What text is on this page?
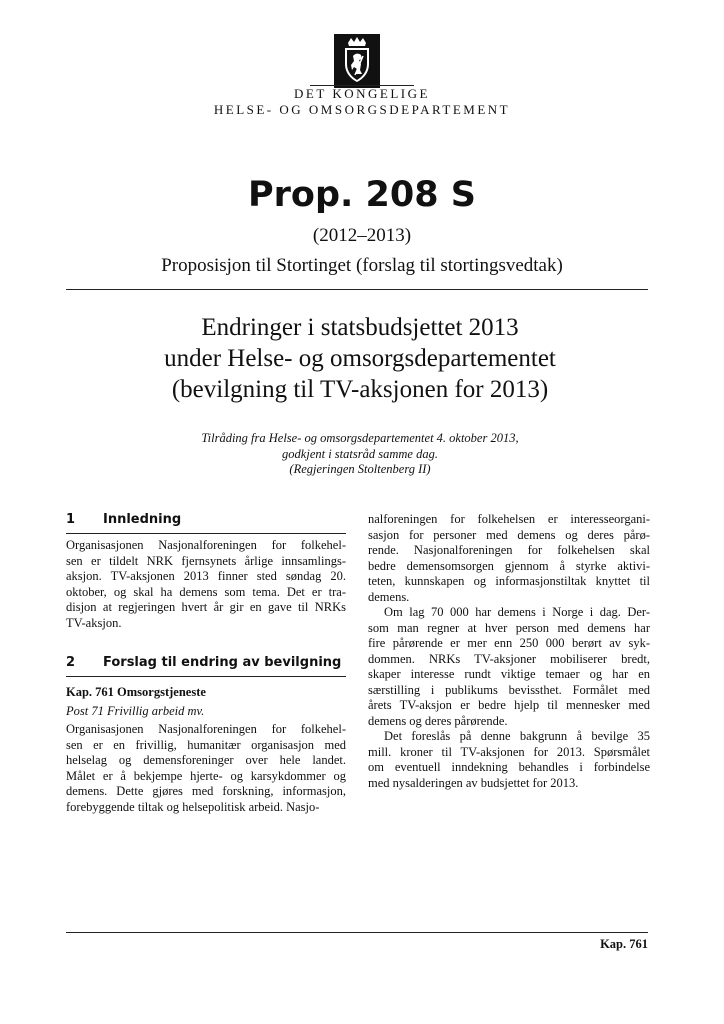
DET KONGELIGE
HELSE- OG OMSORGSDEPARTEMENT
Prop. 208 S
(2012–2013)
Proposisjon til Stortinget (forslag til stortingsvedtak)
Endringer i statsbudsjettet 2013
under Helse- og omsorgsdepartementet
(bevilgning til TV-aksjonen for 2013)
Tilråding fra Helse- og omsorgsdepartementet 4. oktober 2013,
godkjent i statsråd samme dag.
(Regjeringen Stoltenberg II)
1	Innledning
Organisasjonen Nasjonalforeningen for folkehel-
sen er tildelt NRK fjernsynets årlige innsamlings-
aksjon. TV-aksjonen 2013 finner sted søndag 20.
oktober, og skal ha demens som tema. Det er tra-
disjon at regjeringen hvert år gir en gave til NRKs
TV-aksjon.
2	Forslag til endring av bevilgning
Kap. 761 Omsorgstjeneste
Post 71 Frivillig arbeid mv.
Organisasjonen Nasjonalforeningen for folkehel-
sen er en frivillig, humanitær organisasjon med
helselag og demensforeninger over hele landet.
Målet er å bekjempe hjerte- og karsykdommer og
demens. Dette gjøres med forskning, informasjon,
forebyggende tiltak og helsepolitisk arbeid. Nasjo-
nalforeningen for folkehelsen er interesseorgani-
sasjon for personer med demens og deres pårø-
rende. Nasjonalforeningen for folkehelsen skal
bedre demensomsorgen gjennom å styrke aktivi-
teten, kunnskapen og informasjonstiltak knyttet til
demens.
Om lag 70 000 har demens i Norge i dag. Der-
som man regner at hver person med demens har
fire pårørende er mer enn 250 000 berørt av syk-
dommen. NRKs TV-aksjoner mobiliserer bredt,
skaper interesse rundt viktige temaer og har en
særstilling i publikums bevissthet. Formålet med
årets TV-aksjon er bedre hjelp til mennesker med
demens og deres pårørende.
Det foreslås på denne bakgrunn å bevilge 35
mill. kroner til TV-aksjonen for 2013. Spørsmålet
om eventuell inndekning behandles i forbindelse
med nysalderingen av budsjettet for 2013.
Kap. 761
